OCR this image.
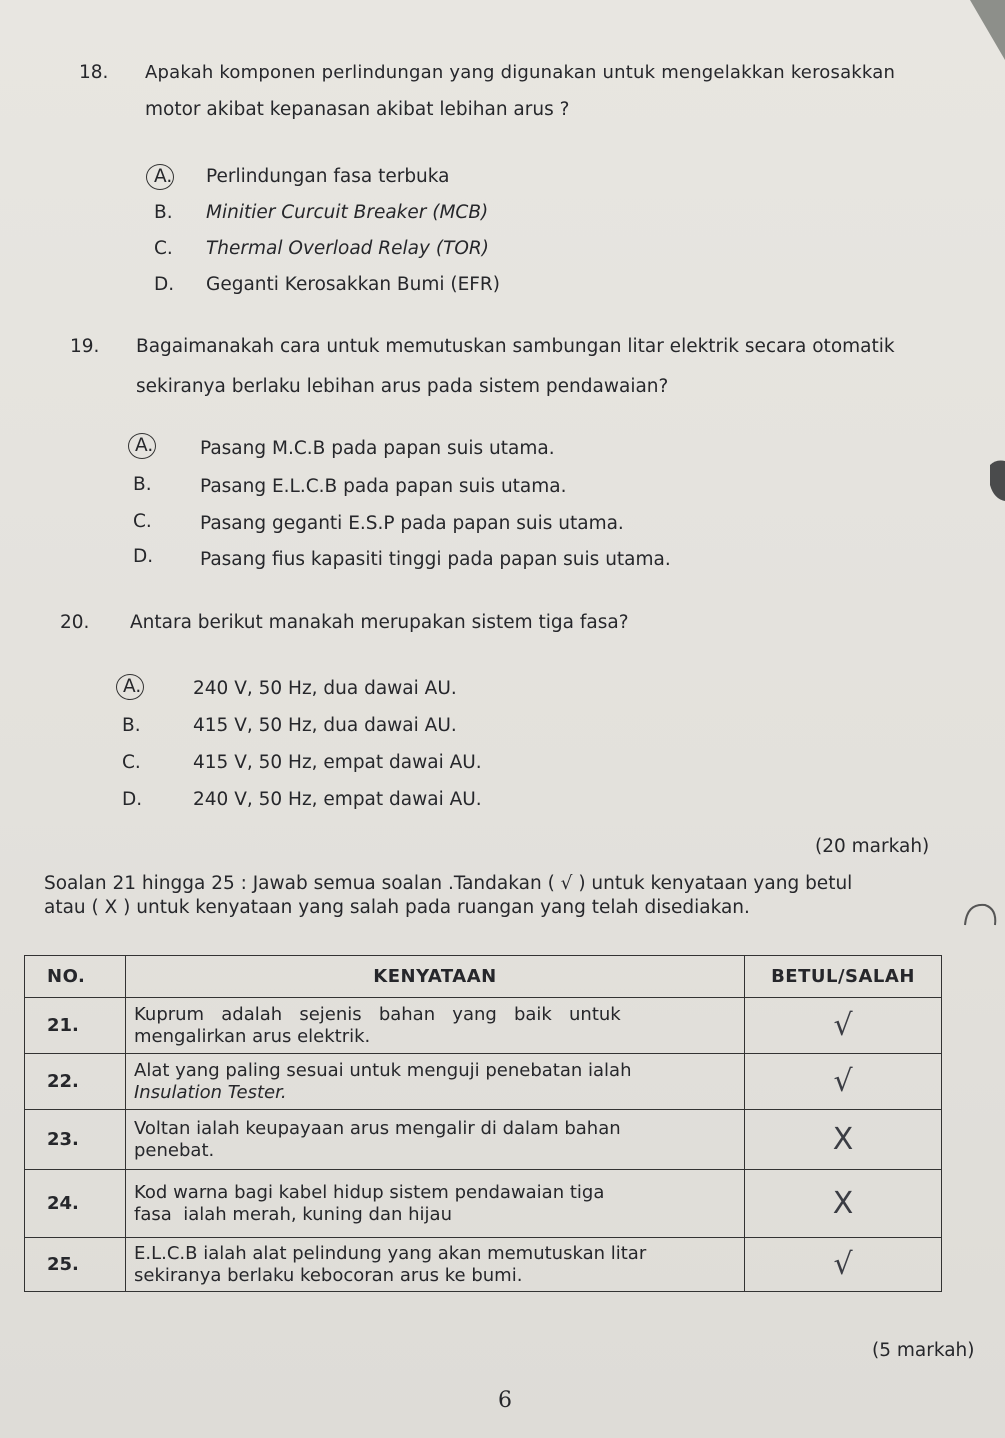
18. Apakah komponen perlindungan yang digunakan untuk mengelakkan kerosakkan
motor akibat kepanasan akibat lebihan arus ?
A. Perlindungan fasa terbuka
B. Minitier Curcuit Breaker (MCB)
C. Thermal Overload Relay (TOR)
D. Geganti Kerosakkan Bumi (EFR)
19. Bagaimanakah cara untuk memutuskan sambungan litar elektrik secara otomatik
sekiranya berlaku lebihan arus pada sistem pendawaian?
A.	Pasang M.C.B pada papan suis utama.
B.	Pasang E.L.C.B pada papan suis utama.
C.	Pasang geganti E.S.P pada papan suis utama.
D.	Pasang fius kapasiti tinggi pada papan suis utama.
20. Antara berikut manakah merupakan sistem tiga fasa?
A.	240 V, 50 Hz, dua dawai AU.
B.	415 V, 50 Hz, dua dawai AU.
C.	415 V, 50 Hz, empat dawai AU.
D.	240 V, 50 Hz, empat dawai AU.
(20 markah)
Soalan 21 hingga 25 : Jawab semua soalan .Tandakan ( √ ) untuk kenyataan yang betul
atau ( X ) untuk kenyataan yang salah pada ruangan yang telah disediakan.
NO.	KENYATAAN	BETUL/SALAH
21.	Kuprum   adalah   sejenis   bahan   yang   baik   untuk
mengalirkan arus elektrik.	√

22.	Alat yang paling sesuai untuk menguji penebatan ialah
Insulation Tester.	√

23.	Voltan ialah keupayaan arus mengalir di dalam bahan
penebat.	X

24.	Kod warna bagi kabel hidup sistem pendawaian tiga
fasa  ialah merah, kuning dan hijau	X

25.	E.L.C.B ialah alat pelindung yang akan memutuskan litar
sekiranya berlaku kebocoran arus ke bumi.	√
(5 markah)
6
